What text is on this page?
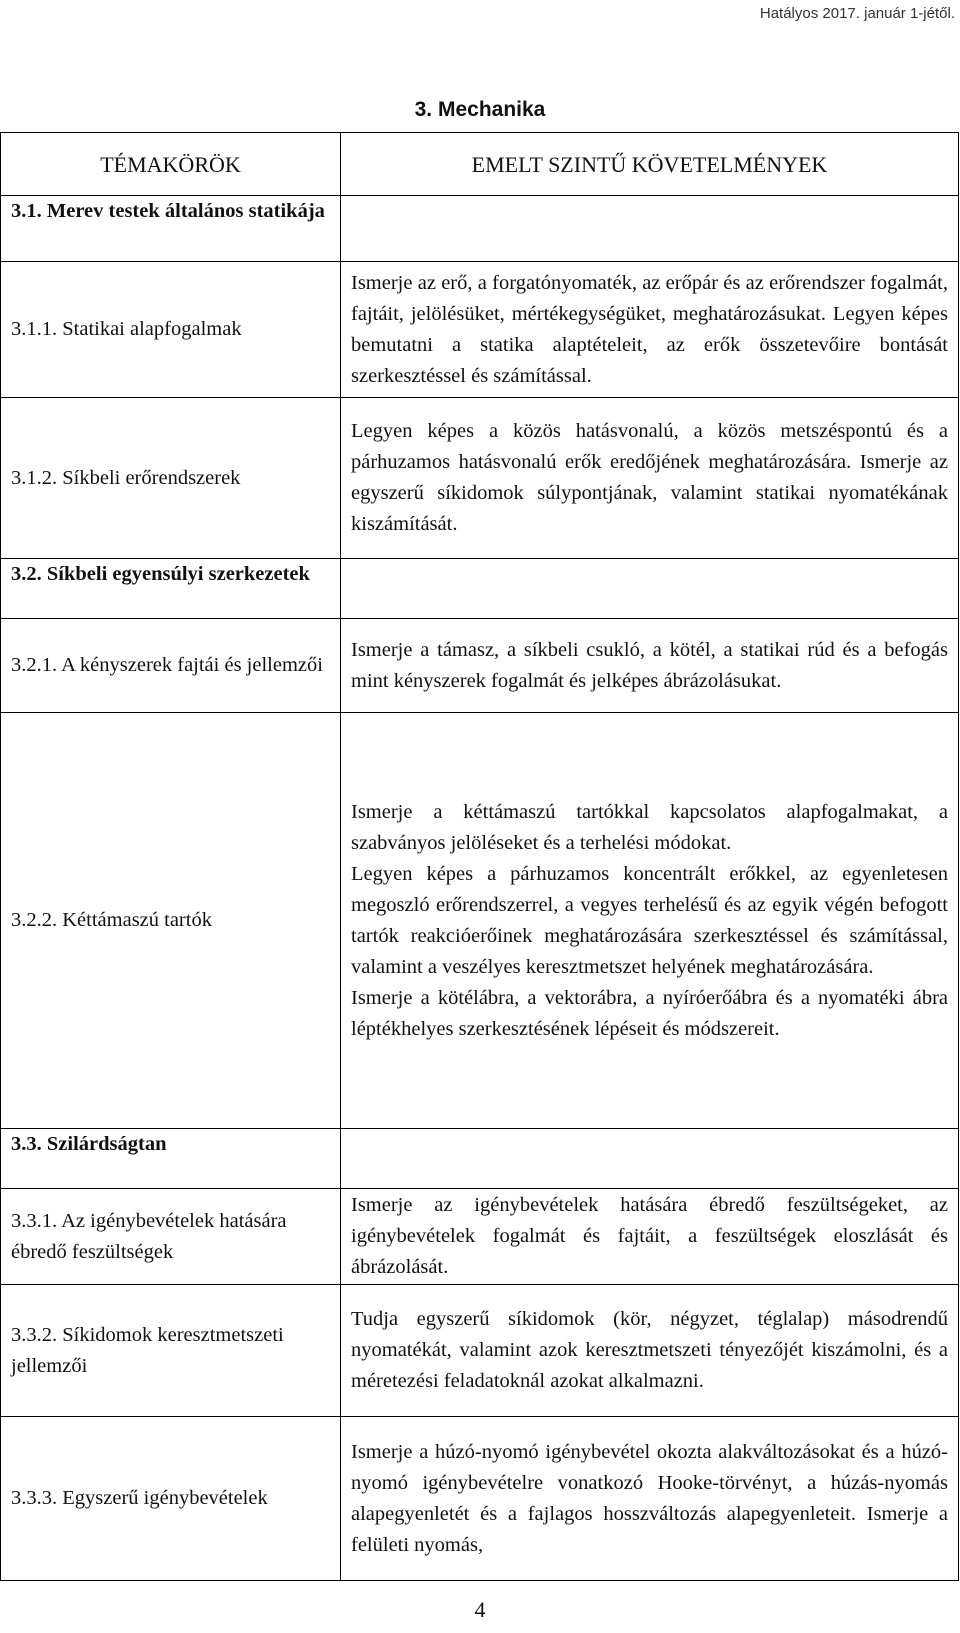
Hatályos 2017. január 1-jétől.
3. Mechanika
TÉMAKÖRÖK	EMELT SZINTŰ KÖVETELMÉNYEK
3.1. Merev testek általános statikája	

3.1.1. Statikai alapfogalmak	Ismerje az erő, a forgatónyomaték, az erőpár és az erőrendszer fogalmát, fajtáit, jelölésüket, mértékegységüket, meghatározásukat. Legyen képes bemutatni a statika alaptételeit, az erők összetevőire bontását szerkesztéssel és számítással.

3.1.2. Síkbeli erőrendszerek	Legyen képes a közös hatásvonalú, a közös metszéspontú és a párhuzamos hatásvonalú erők eredőjének meghatározására. Ismerje az egyszerű síkidomok súlypontjának, valamint statikai nyomatékának kiszámítását.

3.2. Síkbeli egyensúlyi szerkezetek	

3.2.1. A kényszerek fajtái és jellemzői	Ismerje a támasz, a síkbeli csukló, a kötél, a statikai rúd és a befogás mint kényszerek fogalmát és jelképes ábrázolásukat.

3.2.2. Kéttámaszú tartók	Ismerje a kéttámaszú tartókkal kapcsolatos alapfogalmakat, a szabványos jelöléseket és a terhelési módokat.

Legyen képes a párhuzamos koncentrált erőkkel, az egyenletesen megoszló erőrendszerrel, a vegyes terhelésű és az egyik végén befogott tartók reakcióerőinek meghatározására szerkesztéssel és számítással, valamint a veszélyes keresztmetszet helyének meghatározására.

Ismerje a kötélábra, a vektorábra, a nyíróerőábra és a nyomatéki ábra léptékhelyes szerkesztésének lépéseit és módszereit.

3.3. Szilárdságtan	

3.3.1. Az igénybevételek hatására ébredő feszültségek	Ismerje az igénybevételek hatására ébredő feszültségeket, az igénybevételek fogalmát és fajtáit, a feszültségek eloszlását és ábrázolását.

3.3.2. Síkidomok keresztmetszeti jellemzői	Tudja egyszerű síkidomok (kör, négyzet, téglalap) másodrendű nyomatékát, valamint azok keresztmetszeti tényezőjét kiszámolni, és a méretezési feladatoknál azokat alkalmazni.

3.3.3. Egyszerű igénybevételek	Ismerje a húzó-nyomó igénybevétel okozta alakváltozásokat és a húzó-nyomó igénybevételre vonatkozó Hooke-törvényt, a húzás-nyomás alapegyenletét és a fajlagos hosszváltozás alapegyenleteit. Ismerje a felületi nyomás,

4
